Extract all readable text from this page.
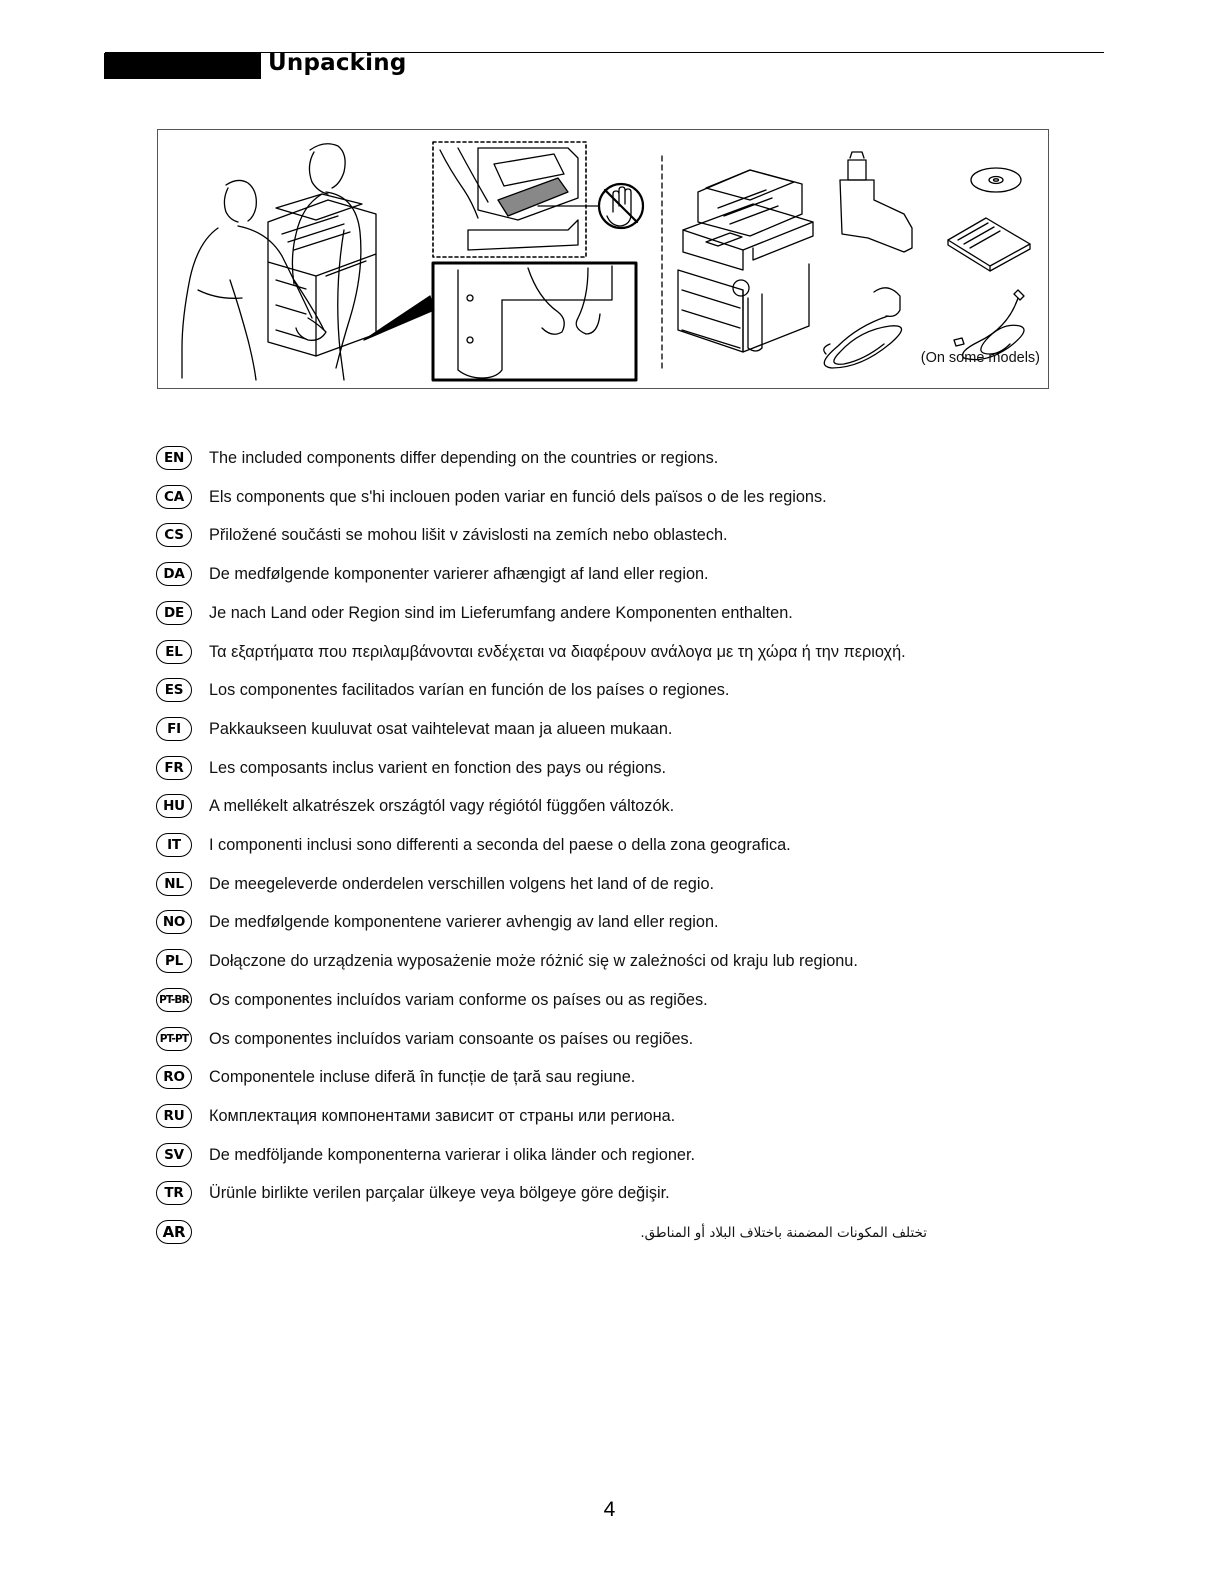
Unpacking
(On some models)
EN	The included components differ depending on the countries or regions.
CA	Els components que s'hi inclouen poden variar en funció dels països o de les regions.
CS	Přiložené součásti se mohou lišit v závislosti na zemích nebo oblastech.
DA	De medfølgende komponenter varierer afhængigt af land eller region.
DE	Je nach Land oder Region sind im Lieferumfang andere Komponenten enthalten.
EL	Τα εξαρτήματα που περιλαμβάνονται ενδέχεται να διαφέρουν ανάλογα με τη χώρα ή την περιοχή.
ES	Los componentes facilitados varían en función de los países o regiones.
FI	Pakkaukseen kuuluvat osat vaihtelevat maan ja alueen mukaan.
FR	Les composants inclus varient en fonction des pays ou régions.
HU	A mellékelt alkatrészek országtól vagy régiótól függően változók.
IT	I componenti inclusi sono differenti a seconda del paese o della zona geografica.
NL	De meegeleverde onderdelen verschillen volgens het land of de regio.
NO	De medfølgende komponentene varierer avhengig av land eller region.
PL	Dołączone do urządzenia wyposażenie może różnić się w zależności od kraju lub regionu.
PT-BR Os componentes incluídos variam conforme os países ou as regiões.
PT-PT Os componentes incluídos variam consoante os países ou regiões.
RO	Componentele incluse diferă în funcție de țară sau regiune.
RU	Комплектация компонентами зависит от страны или региона.
SV	De medföljande komponenterna varierar i olika länder och regioner.
TR	Ürünle birlikte verilen parçalar ülkeye veya bölgeye göre değişir.
AR	تختلف المكونات المضمنة باختلاف البلاد أو المناطق.
4
